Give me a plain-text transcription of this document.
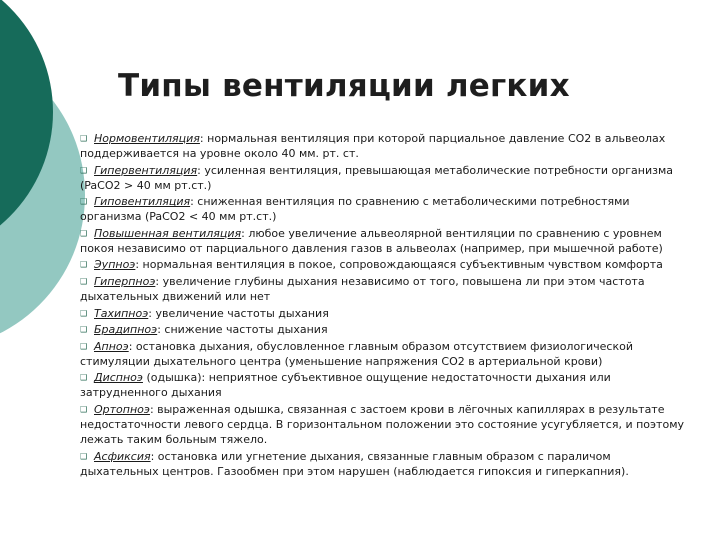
Типы вентиляции легких
❑ Нормовентиляция: нормальная вентиляция при которой парциальное давление СО2 в альвеолах поддерживается на уровне около 40 мм. рт. ст.
❑ Гипервентиляция: усиленная вентиляция, превышающая метаболические потребности организма (PaCO2 > 40 мм рт.ст.)
❑ Гиповентиляция: сниженная вентиляция по сравнению с метаболическими потребностями организма (PaCO2 < 40 мм рт.ст.)
❑ Повышенная вентиляция: любое увеличение альвеолярной вентиляции по сравнению с уровнем покоя независимо от парциального давления газов в альвеолах (например, при мышечной работе)
❑ Эупноэ: нормальная вентиляция в покое, сопровождающаяся субъективным чувством комфорта
❑ Гиперпноэ: увеличение глубины дыхания независимо от того, повышена ли при этом частота дыхательных движений или нет
❑ Тахипноэ: увеличение частоты дыхания
❑ Брадипноэ: снижение частоты дыхания
❑ Апноэ: остановка дыхания, обусловленное главным образом отсутствием физиологической стимуляции дыхательного центра (уменьшение напряжения СО2 в артериальной крови)
❑ Диспноэ (одышка): неприятное субъективное ощущение недостаточности дыхания или затрудненного дыхания
❑ Ортопноэ: выраженная одышка, связанная с застоем крови в лёгочных капиллярах в результате недостаточности левого сердца. В горизонтальном положении это состояние усугубляется, и поэтому лежать таким больным тяжело.
❑ Асфиксия: остановка или угнетение дыхания, связанные главным образом с параличом дыхательных центров. Газообмен при этом нарушен (наблюдается гипоксия и гиперкапния).
